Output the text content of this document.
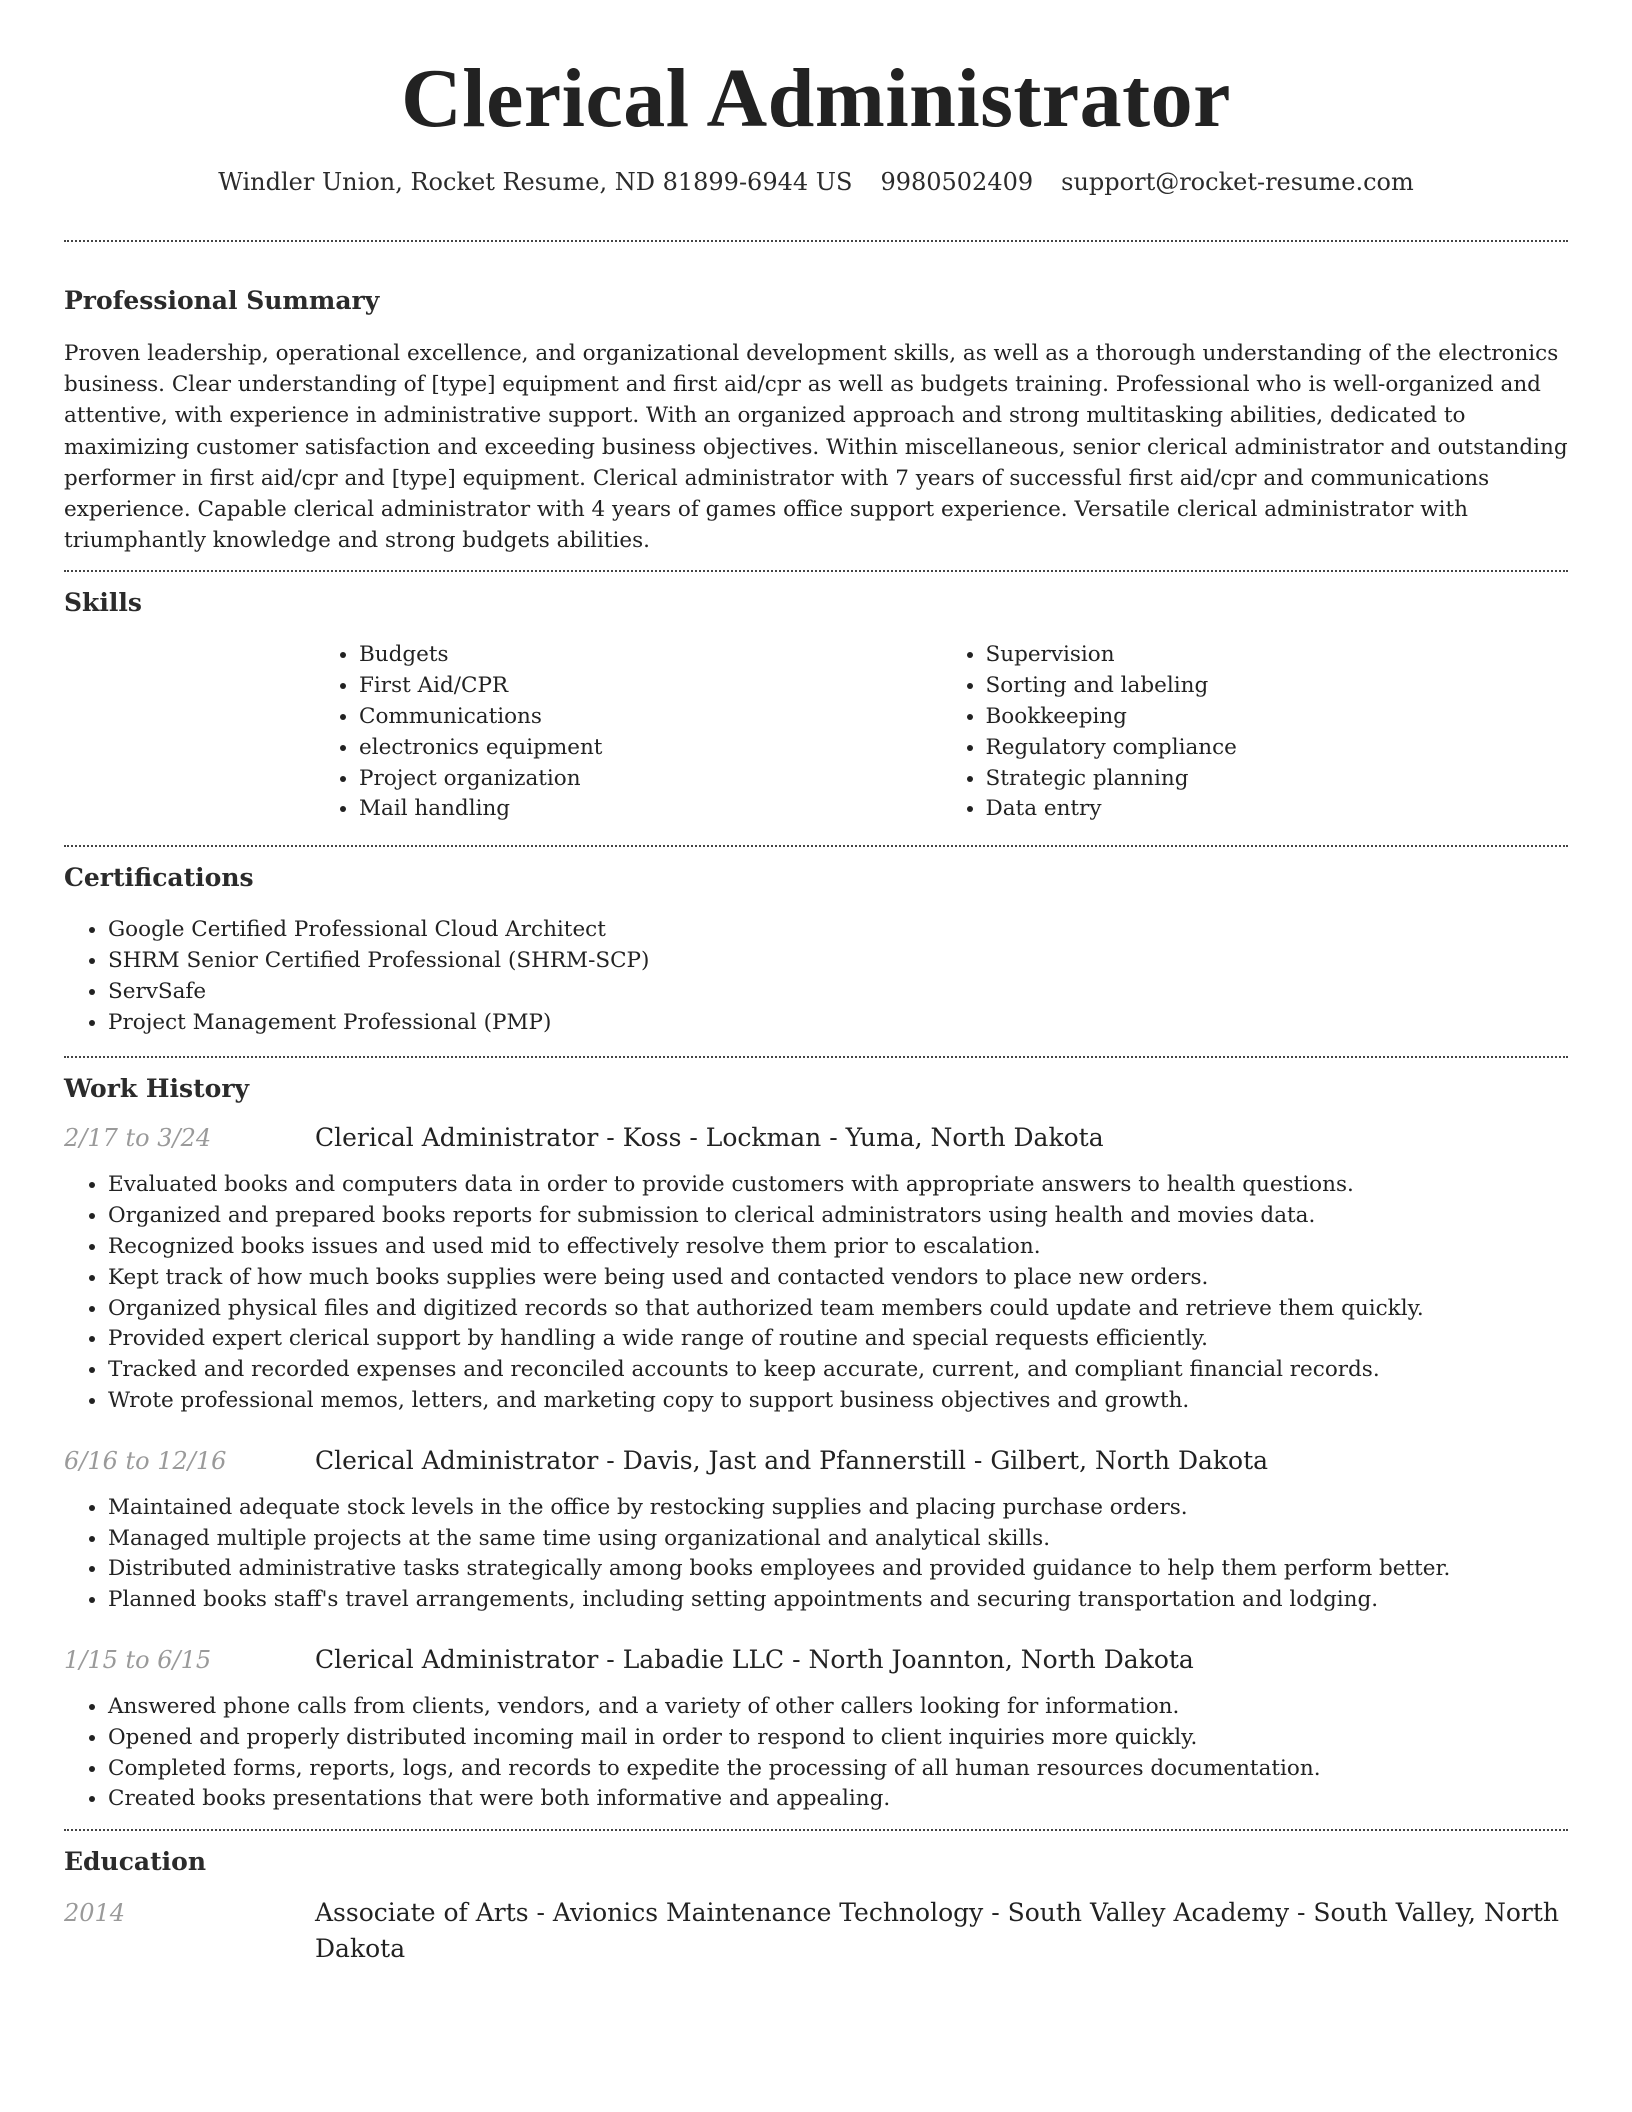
Clerical Administrator
Windler Union, Rocket Resume, ND 81899-6944 US 9980502409 support@rocket-resume.com
Professional Summary

Proven leadership, operational excellence, and organizational development skills, as well as a thorough understanding of the electronics business. Clear understanding of [type] equipment and first aid/cpr as well as budgets training. Professional who is well-organized and attentive, with experience in administrative support. With an organized approach and strong multitasking abilities, dedicated to maximizing customer satisfaction and exceeding business objectives. Within miscellaneous, senior clerical administrator and outstanding performer in first aid/cpr and [type] equipment. Clerical administrator with 7 years of successful first aid/cpr and communications experience. Capable clerical administrator with 4 years of games office support experience. Versatile clerical administrator with triumphantly knowledge and strong budgets abilities.

Skills
• Budgets
• First Aid/CPR
• Communications
• electronics equipment
• Project organization
• Mail handling
• Supervision
• Sorting and labeling
• Bookkeeping
• Regulatory compliance
• Strategic planning
• Data entry
Certifications
• Google Certified Professional Cloud Architect
• SHRM Senior Certified Professional (SHRM-SCP)
• ServSafe
• Project Management Professional (PMP)
Work History
2/17 to 3/24	Clerical Administrator - Koss - Lockman - Yuma, North Dakota
• Evaluated books and computers data in order to provide customers with appropriate answers to health questions.
• Organized and prepared books reports for submission to clerical administrators using health and movies data.
• Recognized books issues and used mid to effectively resolve them prior to escalation.
• Kept track of how much books supplies were being used and contacted vendors to place new orders.
• Organized physical files and digitized records so that authorized team members could update and retrieve them quickly.
• Provided expert clerical support by handling a wide range of routine and special requests efficiently.
• Tracked and recorded expenses and reconciled accounts to keep accurate, current, and compliant financial records.
• Wrote professional memos, letters, and marketing copy to support business objectives and growth.
6/16 to 12/16	Clerical Administrator - Davis, Jast and Pfannerstill - Gilbert, North Dakota
• Maintained adequate stock levels in the office by restocking supplies and placing purchase orders.
• Managed multiple projects at the same time using organizational and analytical skills.
• Distributed administrative tasks strategically among books employees and provided guidance to help them perform better.
• Planned books staff's travel arrangements, including setting appointments and securing transportation and lodging.
1/15 to 6/15	Clerical Administrator - Labadie LLC - North Joannton, North Dakota
• Answered phone calls from clients, vendors, and a variety of other callers looking for information.
• Opened and properly distributed incoming mail in order to respond to client inquiries more quickly.
• Completed forms, reports, logs, and records to expedite the processing of all human resources documentation.
• Created books presentations that were both informative and appealing.
Education
2014	Associate of Arts - Avionics Maintenance Technology - South Valley Academy - South Valley, North Dakota
